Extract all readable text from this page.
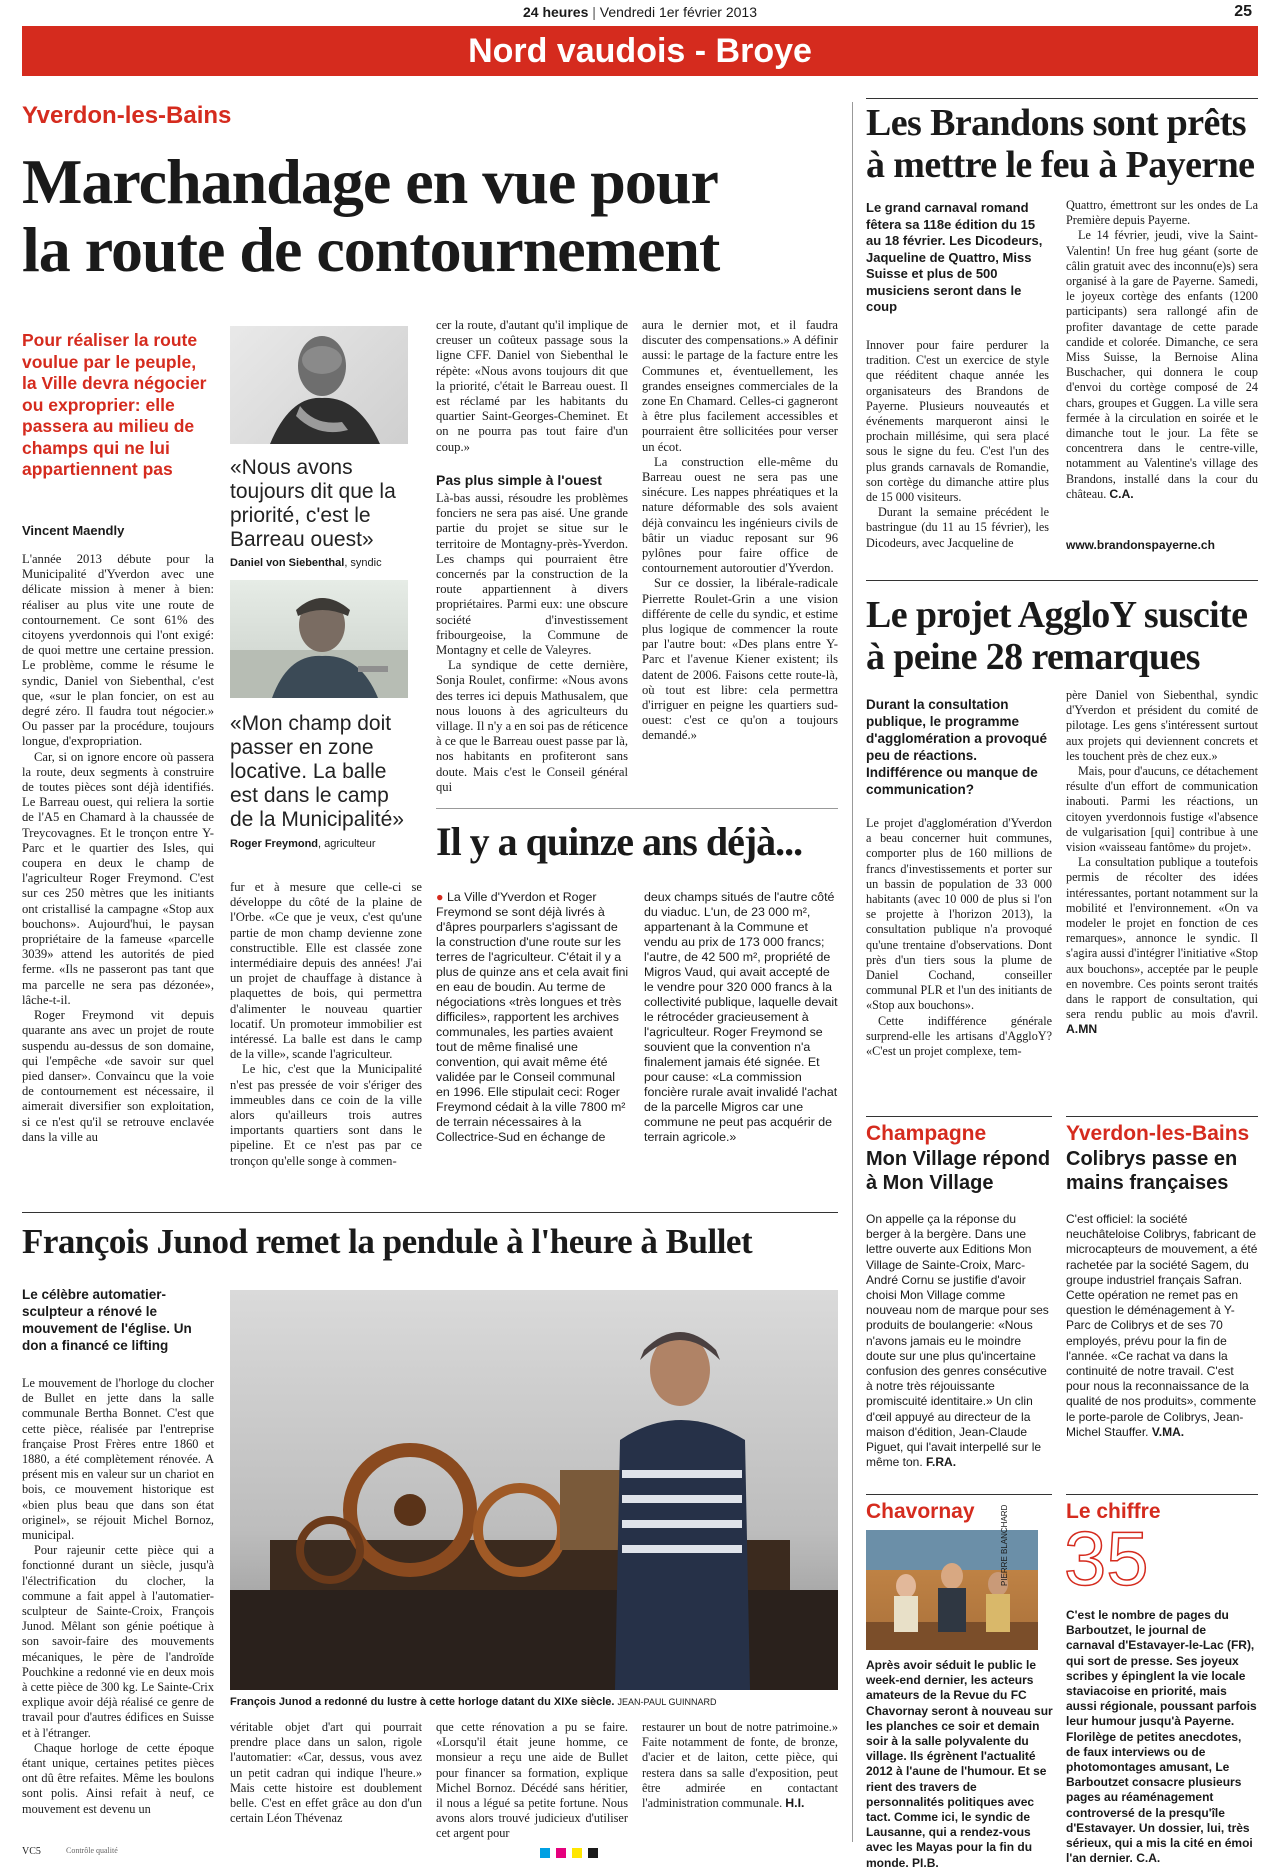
24 heures | Vendredi 1er février 2013	25
Nord vaudois - Broye
Yverdon-les-Bains
Marchandage en vue pour
la route de contournement
Pour réaliser la route voulue par le peuple, la Ville devra négocier ou exproprier: elle passera au milieu de champs qui ne lui appartiennent pas
Vincent Maendly

L'année 2013 débute pour la Municipalité d'Yverdon avec une délicate mission à mener à bien: réaliser au plus vite une route de contournement. Ce sont 61% des citoyens yverdonnois qui l'ont exigé: de quoi mettre une certaine pression. Le problème, comme le résume le syndic, Daniel von Siebenthal, c'est que, «sur le plan foncier, on est au degré zéro. Il faudra tout négocier.» Ou passer par la procédure, toujours longue, d'expropriation.

Car, si on ignore encore où passera la route, deux segments à construire de toutes pièces sont déjà identifiés. Le Barreau ouest, qui reliera la sortie de l'A5 en Chamard à la chaussée de Treycovagnes. Et le tronçon entre Y-Parc et le quartier des Isles, qui coupera en deux le champ de l'agriculteur Roger Freymond. C'est sur ces 250 mètres que les initiants ont cristallisé la campagne «Stop aux bouchons». Aujourd'hui, le paysan propriétaire de la fameuse «parcelle 3039» attend les autorités de pied ferme. «Ils ne passeront pas tant que ma parcelle ne sera pas dézonée», lâche-t-il.

Roger Freymond vit depuis quarante ans avec un projet de route suspendu au-dessus de son domaine, qui l'empêche «de savoir sur quel pied danser». Convaincu que la voie de contournement est nécessaire, il aimerait diversifier son exploitation, si ce n'est qu'il se retrouve enclavée dans la ville au

«Nous avons toujours dit que la priorité, c'est le Barreau ouest»
Daniel von Siebenthal, syndic
«Mon champ doit passer en zone locative. La balle est dans le camp de la Municipalité»
Roger Freymond, agriculteur

fur et à mesure que celle-ci se développe du côté de la plaine de l'Orbe. «Ce que je veux, c'est qu'une partie de mon champ devienne zone constructible. Elle est classée zone intermédiaire depuis des années! J'ai un projet de chauffage à distance à plaquettes de bois, qui permettra d'alimenter le nouveau quartier locatif. Un promoteur immobilier est intéressé. La balle est dans le camp de la ville», scande l'agriculteur.

Le hic, c'est que la Municipalité n'est pas pressée de voir s'ériger des immeubles dans ce coin de la ville alors qu'ailleurs trois autres importants quartiers sont dans le pipeline. Et ce n'est pas par ce tronçon qu'elle songe à commen-

cer la route, d'autant qu'il implique de creuser un coûteux passage sous la ligne CFF. Daniel von Siebenthal le répète: «Nous avons toujours dit que la priorité, c'était le Barreau ouest. Il est réclamé par les habitants du quartier Saint-Georges-Cheminet. Et on ne pourra pas tout faire d'un coup.»

Pas plus simple à l'ouest

Là-bas aussi, résoudre les problèmes fonciers ne sera pas aisé. Une grande partie du projet se situe sur le territoire de Montagny-près-Yverdon. Les champs qui pourraient être concernés par la construction de la route appartiennent à divers propriétaires. Parmi eux: une obscure société d'investissement fribourgeoise, la Commune de Montagny et celle de Valeyres.

La syndique de cette dernière, Sonja Roulet, confirme: «Nous avons des terres ici depuis Mathusalem, que nous louons à des agriculteurs du village. Il n'y a en soi pas de réticence à ce que le Barreau ouest passe par là, nos habitants en profiteront sans doute. Mais c'est le Conseil général qui

aura le dernier mot, et il faudra discuter des compensations.» A définir aussi: le partage de la facture entre les Communes et, éventuellement, les grandes enseignes commerciales de la zone En Chamard. Celles-ci gagneront à être plus facilement accessibles et pourraient être sollicitées pour verser un écot.

La construction elle-même du Barreau ouest ne sera pas une sinécure. Les nappes phréatiques et la nature déformable des sols avaient déjà convaincu les ingénieurs civils de bâtir un viaduc reposant sur 96 pylônes pour faire office de contournement autoroutier d'Yverdon.

Sur ce dossier, la libérale-radicale Pierrette Roulet-Grin a une vision différente de celle du syndic, et estime plus logique de commencer la route par l'autre bout: «Des plans entre Y-Parc et l'avenue Kiener existent; ils datent de 2006. Faisons cette route-là, où tout est libre: cela permettra d'irriguer en peigne les quartiers sud-ouest: c'est ce qu'on a toujours demandé.»

Il y a quinze ans déjà...
● La Ville d'Yverdon et Roger Freymond se sont déjà livrés à d'âpres pourparlers s'agissant de la construction d'une route sur les terres de l'agriculteur. C'était il y a plus de quinze ans et cela avait fini en eau de boudin. Au terme de négociations «très longues et très difficiles», rapportent les archives communales, les parties avaient tout de même finalisé une convention, qui avait même été validée par le Conseil communal en 1996. Elle stipulait ceci: Roger Freymond cédait à la ville 7800 m² de terrain nécessaires à la Collectrice-Sud en échange de
deux champs situés de l'autre côté du viaduc. L'un, de 23 000 m², appartenant à la Commune et vendu au prix de 173 000 francs; l'autre, de 42 500 m², propriété de Migros Vaud, qui avait accepté de le vendre pour 320 000 francs à la collectivité publique, laquelle devait le rétrocéder gracieusement à l'agriculteur. Roger Freymond se souvient que la convention n'a finalement jamais été signée. Et pour cause: «La commission foncière rurale avait invalidé l'achat de la parcelle Migros car une commune ne peut pas acquérir de terrain agricole.»
Les Brandons sont prêts
à mettre le feu à Payerne
Le grand carnaval romand fêtera sa 118e édition du 15 au 18 février. Les Dicodeurs, Jaqueline de Quattro, Miss Suisse et plus de 500 musiciens seront dans le coup

Innover pour faire perdurer la tradition. C'est un exercice de style que rééditent chaque année les organisateurs des Brandons de Payerne. Plusieurs nouveautés et événements marqueront ainsi le prochain millésime, qui sera placé sous le signe du feu. C'est l'un des plus grands carnavals de Romandie, son cortège du dimanche attire plus de 15 000 visiteurs.

Durant la semaine précédent le bastringue (du 11 au 15 février), les Dicodeurs, avec Jacqueline de

Quattro, émettront sur les ondes de La Première depuis Payerne.

Le 14 février, jeudi, vive la Saint-Valentin! Un free hug géant (sorte de câlin gratuit avec des inconnu(e)s) sera organisé à la gare de Payerne. Samedi, le joyeux cortège des enfants (1200 participants) sera rallongé afin de profiter davantage de cette parade candide et colorée. Dimanche, ce sera Miss Suisse, la Bernoise Alina Buschacher, qui donnera le coup d'envoi du cortège composé de 24 chars, groupes et Guggen. La ville sera fermée à la circulation en soirée et le dimanche tout le jour. La fête se concentrera dans le centre-ville, notamment au Valentine's village des Brandons, installé dans la cour du château. C.A.

www.brandonspayerne.ch
Le projet AggloY suscite
à peine 28 remarques
Durant la consultation publique, le programme d'agglomération a provoqué peu de réactions. Indifférence ou manque de communication?

Le projet d'agglomération d'Yverdon a beau concerner huit communes, comporter plus de 160 millions de francs d'investissements et porter sur un bassin de population de 33 000 habitants (avec 10 000 de plus si l'on se projette à l'horizon 2013), la consultation publique n'a provoqué qu'une trentaine d'observations. Dont près d'un tiers sous la plume de Daniel Cochand, conseiller communal PLR et l'un des initiants de «Stop aux bouchons».

Cette indifférence générale surprend-elle les artisans d'AggloY? «C'est un projet complexe, tem-

père Daniel von Siebenthal, syndic d'Yverdon et président du comité de pilotage. Les gens s'intéressent surtout aux projets qui deviennent concrets et les touchent près de chez eux.»

Mais, pour d'aucuns, ce détachement résulte d'un effort de communication inabouti. Parmi les réactions, un citoyen yverdonnois fustige «l'absence de vulgarisation [qui] contribue à une vision «vaisseau fantôme» du projet».

La consultation publique a toutefois permis de récolter des idées intéressantes, portant notamment sur la mobilité et l'environnement. «On va modeler le projet en fonction de ces remarques», annonce le syndic. Il s'agira aussi d'intégrer l'initiative «Stop aux bouchons», acceptée par le peuple en novembre. Ces points seront traités dans le rapport de consultation, qui sera rendu public au mois d'avril. A.MN

Champagne
Mon Village répond à Mon Village
On appelle ça la réponse du berger à la bergère. Dans une lettre ouverte aux Editions Mon Village de Sainte-Croix, Marc-André Cornu se justifie d'avoir choisi Mon Village comme nouveau nom de marque pour ses produits de boulangerie: «Nous n'avons jamais eu le moindre doute sur une plus qu'incertaine confusion des genres consécutive à notre très réjouissante promiscuité identitaire.» Un clin d'œil appuyé au directeur de la maison d'édition, Jean-Claude Piguet, qui l'avait interpellé sur le même ton. F.RA.
Yverdon-les-Bains
Colibrys passe en mains françaises
C'est officiel: la société neuchâteloise Colibrys, fabricant de microcapteurs de mouvement, a été rachetée par la société Sagem, du groupe industriel français Safran. Cette opération ne remet pas en question le déménagement à Y-Parc de Colibrys et de ses 70 employés, prévu pour la fin de l'année. «Ce rachat va dans la continuité de notre travail. C'est pour nous la reconnaissance de la qualité de nos produits», commente le porte-parole de Colibrys, Jean-Michel Stauffer. V.MA.
Chavornay	PIERRE BLANCHARD
Après avoir séduit le public le week-end dernier, les acteurs amateurs de la Revue du FC Chavornay seront à nouveau sur les planches ce soir et demain soir à la salle polyvalente du village. Ils égrènent l'actualité 2012 à l'aune de l'humour. Et se rient des travers de personnalités politiques avec tact. Comme ici, le syndic de Lausanne, qui a rendez-vous avec les Mayas pour la fin du monde. PI.B.
Le chiffre
35
C'est le nombre de pages du Barboutzet, le journal de carnaval d'Estavayer-le-Lac (FR), qui sort de presse. Ses joyeux scribes y épinglent la vie locale staviacoise en priorité, mais aussi régionale, poussant parfois leur humour jusqu'à Payerne. Florilège de petites anecdotes, de faux interviews ou de photomontages amusant, Le Barboutzet consacre plusieurs pages au réaménagement controversé de la presqu'île d'Estavayer. Un dossier, lui, très sérieux, qui a mis la cité en émoi l'an dernier. C.A.
François Junod remet la pendule à l'heure à Bullet
Le célèbre automatier-sculpteur a rénové le mouvement de l'église. Un don a financé ce lifting

Le mouvement de l'horloge du clocher de Bullet en jette dans la salle communale Bertha Bonnet. C'est que cette pièce, réalisée par l'entreprise française Prost Frères entre 1860 et 1880, a été complètement rénovée. A présent mis en valeur sur un chariot en bois, ce mouvement historique est «bien plus beau que dans son état originel», se réjouit Michel Bornoz, municipal.

Pour rajeunir cette pièce qui a fonctionné durant un siècle, jusqu'à l'électrification du clocher, la commune a fait appel à l'automatier-sculpteur de Sainte-Croix, François Junod. Mêlant son génie poétique à son savoir-faire des mouvements mécaniques, le père de l'androïde Pouchkine a redonné vie en deux mois à cette pièce de 300 kg. Le Sainte-Crix explique avoir déjà réalisé ce genre de travail pour d'autres édifices en Suisse et à l'étranger.

Chaque horloge de cette époque étant unique, certaines petites pièces ont dû être refaites. Même les boulons sont polis. Ainsi refait à neuf, ce mouvement est devenu un

François Junod a redonné du lustre à cette horloge datant du XIXe siècle. JEAN-PAUL GUINNARD
véritable objet d'art qui pourrait prendre place dans un salon, rigole l'automatier: «Car, dessus, vous avez un petit cadran qui indique l'heure.» Mais cette histoire est doublement belle. C'est en effet grâce au don d'un certain Léon Thévenaz
que cette rénovation a pu se faire. «Lorsqu'il était jeune homme, ce monsieur a reçu une aide de Bullet pour financer sa formation, explique Michel Bornoz. Décédé sans héritier, il nous a légué sa petite fortune. Nous avons alors trouvé judicieux d'utiliser cet argent pour
restaurer un bout de notre patrimoine.» Faite notamment de fonte, de bronze, d'acier et de laiton, cette pièce, qui restera dans sa salle d'exposition, peut être admirée en contactant l'administration communale. H.I.
VC5	Contrôle qualité
